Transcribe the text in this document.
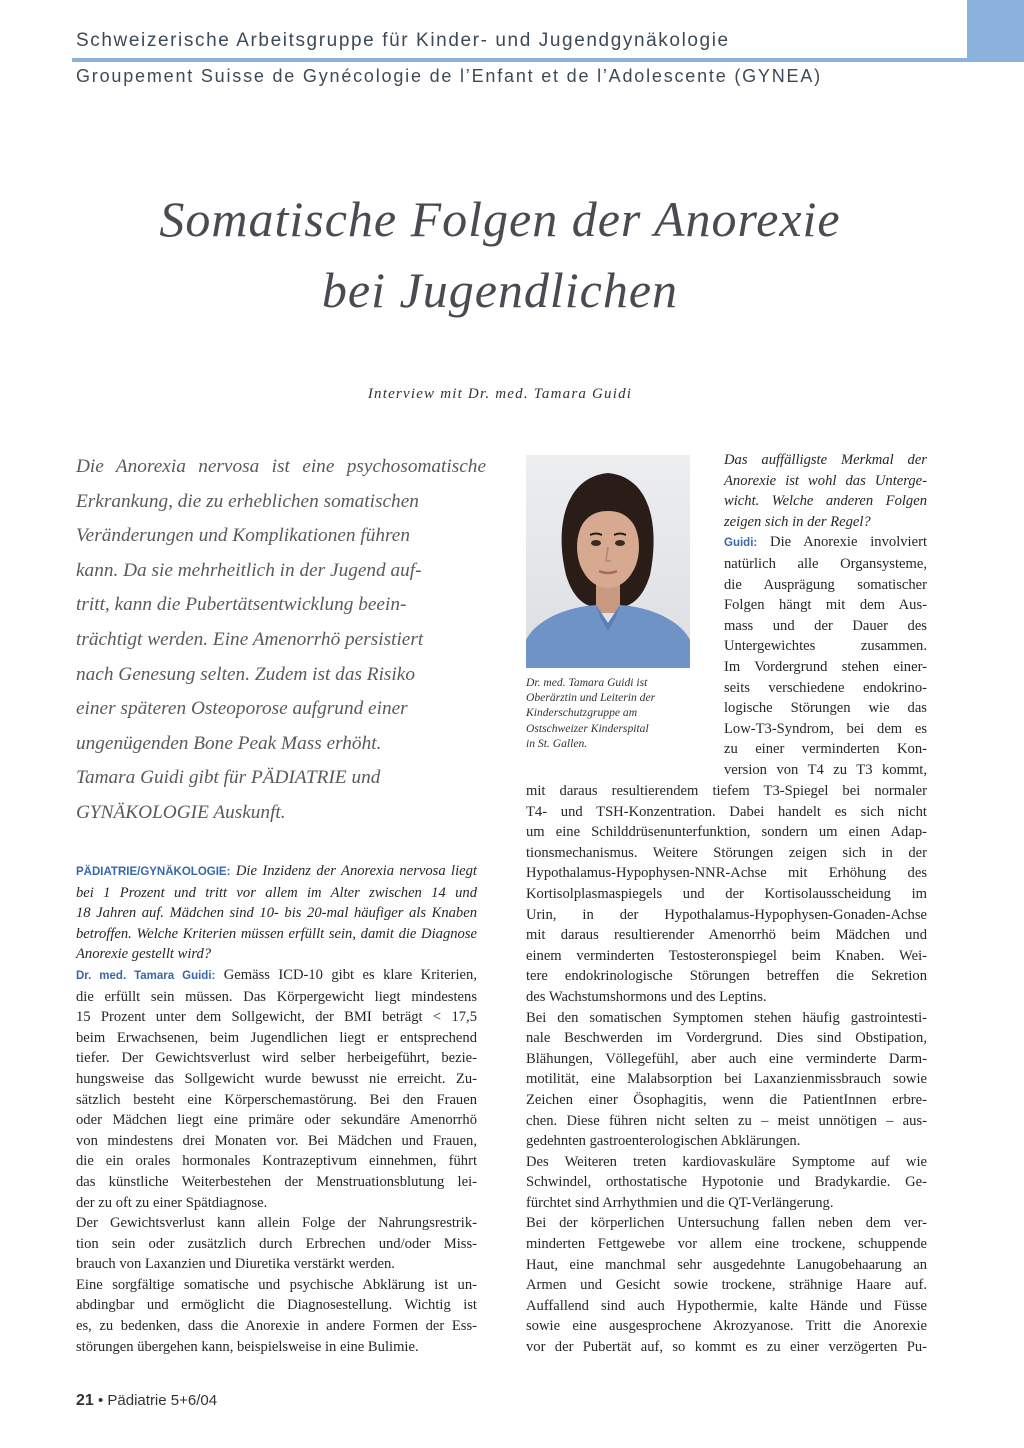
Schweizerische Arbeitsgruppe für Kinder- und Jugendgynäkologie
Groupement Suisse de Gynécologie de l’Enfant et de l’Adolescente (GYNEA)
Somatische Folgen der Anorexie
bei Jugendlichen
Interview mit Dr. med. Tamara Guidi
Die Anorexia nervosa ist eine psychosomatische
Erkrankung, die zu erheblichen somatischen
Veränderungen und Komplikationen führen
kann. Da sie mehrheitlich in der Jugend auf-
tritt, kann die Pubertätsentwicklung beein-
trächtigt werden. Eine Amenorrhö persistiert
nach Genesung selten. Zudem ist das Risiko
einer späteren Osteoporose aufgrund einer
ungenügenden Bone Peak Mass erhöht.
Tamara Guidi gibt für PÄDIATRIE und
GYNÄKOLOGIE Auskunft.
PÄDIATRIE/GYNÄKOLOGIE: Die Inzidenz der Anorexia nervosa liegt
bei 1 Prozent und tritt vor allem im Alter zwischen 14 und
18 Jahren auf. Mädchen sind 10- bis 20-mal häufiger als Knaben
betroffen. Welche Kriterien müssen erfüllt sein, damit die Diagnose
Anorexie gestellt wird?
Dr. med. Tamara Guidi: Gemäss ICD-10 gibt es klare Kriterien,
die erfüllt sein müssen. Das Körpergewicht liegt mindestens
15 Prozent unter dem Sollgewicht, der BMI beträgt < 17,5
beim Erwachsenen, beim Jugendlichen liegt er entsprechend
tiefer. Der Gewichtsverlust wird selber herbeigeführt, bezie-
hungsweise das Sollgewicht wurde bewusst nie erreicht. Zu-
sätzlich besteht eine Körperschemastörung. Bei den Frauen
oder Mädchen liegt eine primäre oder sekundäre Amenorrhö
von mindestens drei Monaten vor. Bei Mädchen und Frauen,
die ein orales hormonales Kontrazeptivum einnehmen, führt
das künstliche Weiterbestehen der Menstruationsblutung lei-
der zu oft zu einer Spätdiagnose.
Der Gewichtsverlust kann allein Folge der Nahrungsrestrik-
tion sein oder zusätzlich durch Erbrechen und/oder Miss-
brauch von Laxanzien und Diuretika verstärkt werden.
Eine sorgfältige somatische und psychische Abklärung ist un-
abdingbar und ermöglicht die Diagnosestellung. Wichtig ist
es, zu bedenken, dass die Anorexie in andere Formen der Ess-
störungen übergehen kann, beispielsweise in eine Bulimie.
Dr. med. Tamara Guidi ist
Oberärztin und Leiterin der
Kinderschutzgruppe am
Ostschweizer Kinderspital
in St. Gallen.
Das auffälligste Merkmal der
Anorexie ist wohl das Unterge-
wicht. Welche anderen Folgen
zeigen sich in der Regel?
Guidi: Die Anorexie involviert
natürlich alle Organsysteme,
die Ausprägung somatischer
Folgen hängt mit dem Aus-
mass und der Dauer des
Untergewichtes zusammen.
Im Vordergrund stehen einer-
seits verschiedene endokrino-
logische Störungen wie das
Low-T3-Syndrom, bei dem es
zu einer verminderten Kon-
version von T4 zu T3 kommt,
mit daraus resultierendem tiefem T3-Spiegel bei normaler
T4- und TSH-Konzentration. Dabei handelt es sich nicht
um eine Schilddrüsenunterfunktion, sondern um einen Adap-
tionsmechanismus. Weitere Störungen zeigen sich in der
Hypothalamus-Hypophysen-NNR-Achse mit Erhöhung des
Kortisolplasmaspiegels und der Kortisolausscheidung im
Urin, in der Hypothalamus-Hypophysen-Gonaden-Achse
mit daraus resultierender Amenorrhö beim Mädchen und
einem verminderten Testosteronspiegel beim Knaben. Wei-
tere endokrinologische Störungen betreffen die Sekretion
des Wachstumshormons und des Leptins.
Bei den somatischen Symptomen stehen häufig gastrointesti-
nale Beschwerden im Vordergrund. Dies sind Obstipation,
Blähungen, Völlegefühl, aber auch eine verminderte Darm-
motilität, eine Malabsorption bei Laxanzienmissbrauch sowie
Zeichen einer Ösophagitis, wenn die PatientInnen erbre-
chen. Diese führen nicht selten zu – meist unnötigen – aus-
gedehnten gastroenterologischen Abklärungen.
Des Weiteren treten kardiovaskuläre Symptome auf wie
Schwindel, orthostatische Hypotonie und Bradykardie. Ge-
fürchtet sind Arrhythmien und die QT-Verlängerung.
Bei der körperlichen Untersuchung fallen neben dem ver-
minderten Fettgewebe vor allem eine trockene, schuppende
Haut, eine manchmal sehr ausgedehnte Lanugobehaarung an
Armen und Gesicht sowie trockene, strähnige Haare auf.
Auffallend sind auch Hypothermie, kalte Hände und Füsse
sowie eine ausgesprochene Akrozyanose. Tritt die Anorexie
vor der Pubertät auf, so kommt es zu einer verzögerten Pu-
21 • Pädiatrie 5+6/04
